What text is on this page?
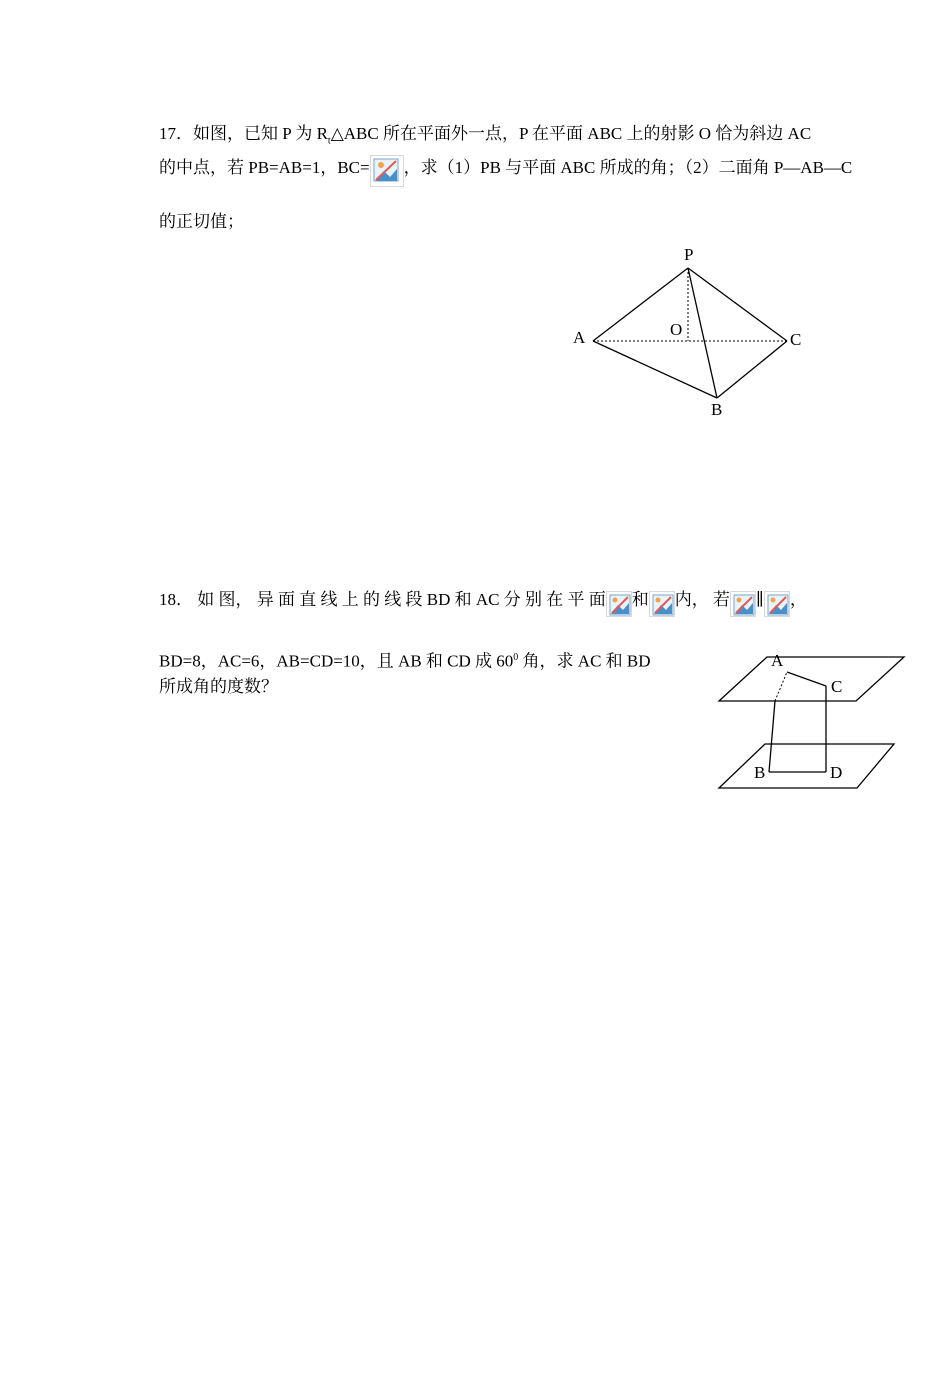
17．如图，已知 P 为 $R_t\triangle ABC$ 所在平面外一点，P 在平面 ABC 上的射影 O 恰为斜边 AC
的中点，若 PB=AB=1，BC= ，求（1）PB 与平面 ABC 所成的角；（2）二面角 P—AB—C
的正切值；
P
O
A	C
B
18． 如 图， 异 面 直 线 上 的 线 段 BD 和 AC 分 别 在 平 面 和 内， 若 ∥ ，
BD=8，AC=6，AB=CD=10，且 AB 和 CD 成 $60^0$ 角，求 AC 和 BD
所成角的度数？
A
C
B	D
